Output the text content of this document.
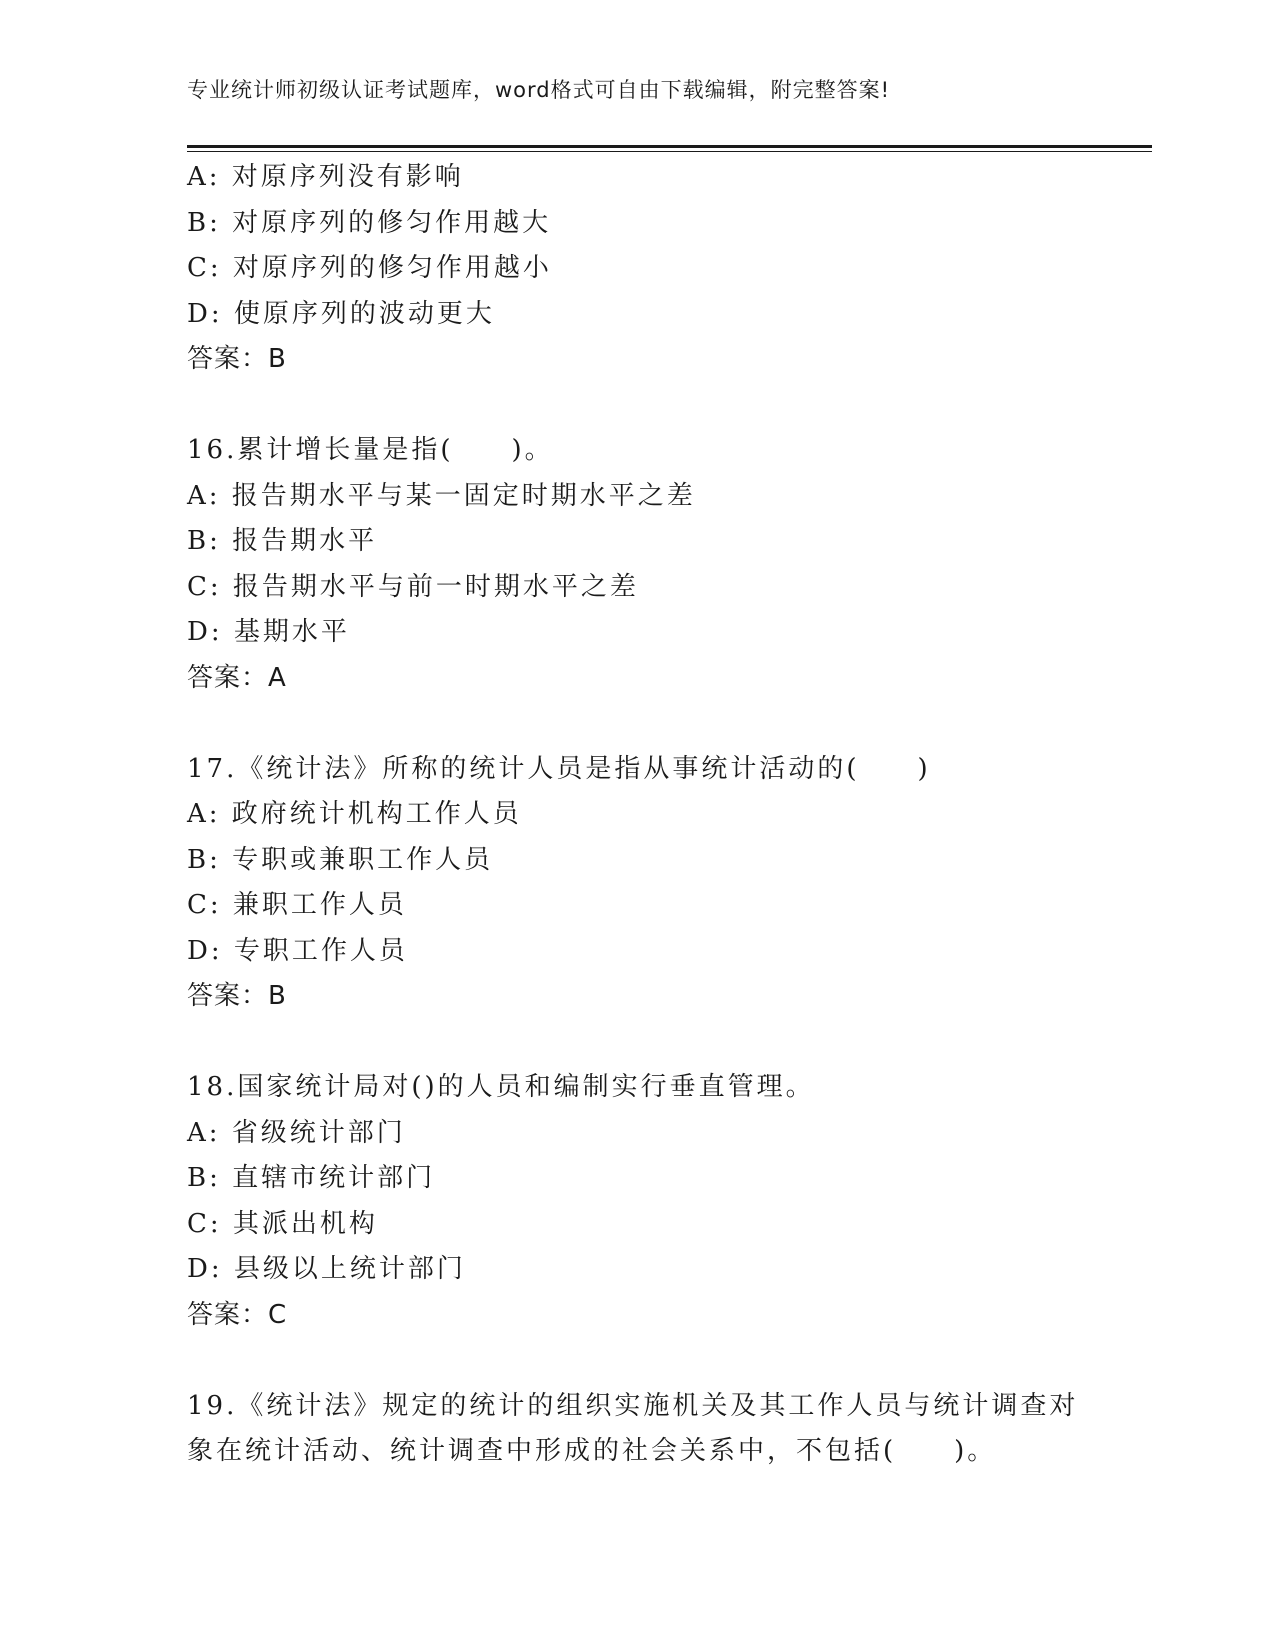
专业统计师初级认证考试题库，word格式可自由下载编辑，附完整答案!
A: 对原序列没有影响
B: 对原序列的修匀作用越大
C: 对原序列的修匀作用越小
D: 使原序列的波动更大
答案：B
16.累计增长量是指(　　)。
A: 报告期水平与某一固定时期水平之差
B: 报告期水平
C: 报告期水平与前一时期水平之差
D: 基期水平
答案：A
17.《统计法》所称的统计人员是指从事统计活动的(　　)
A: 政府统计机构工作人员
B: 专职或兼职工作人员
C: 兼职工作人员
D: 专职工作人员
答案：B
18.国家统计局对()的人员和编制实行垂直管理。
A: 省级统计部门
B: 直辖市统计部门
C: 其派出机构
D: 县级以上统计部门
答案：C
19.《统计法》规定的统计的组织实施机关及其工作人员与统计调查对
象在统计活动、统计调查中形成的社会关系中，不包括(　　)。
